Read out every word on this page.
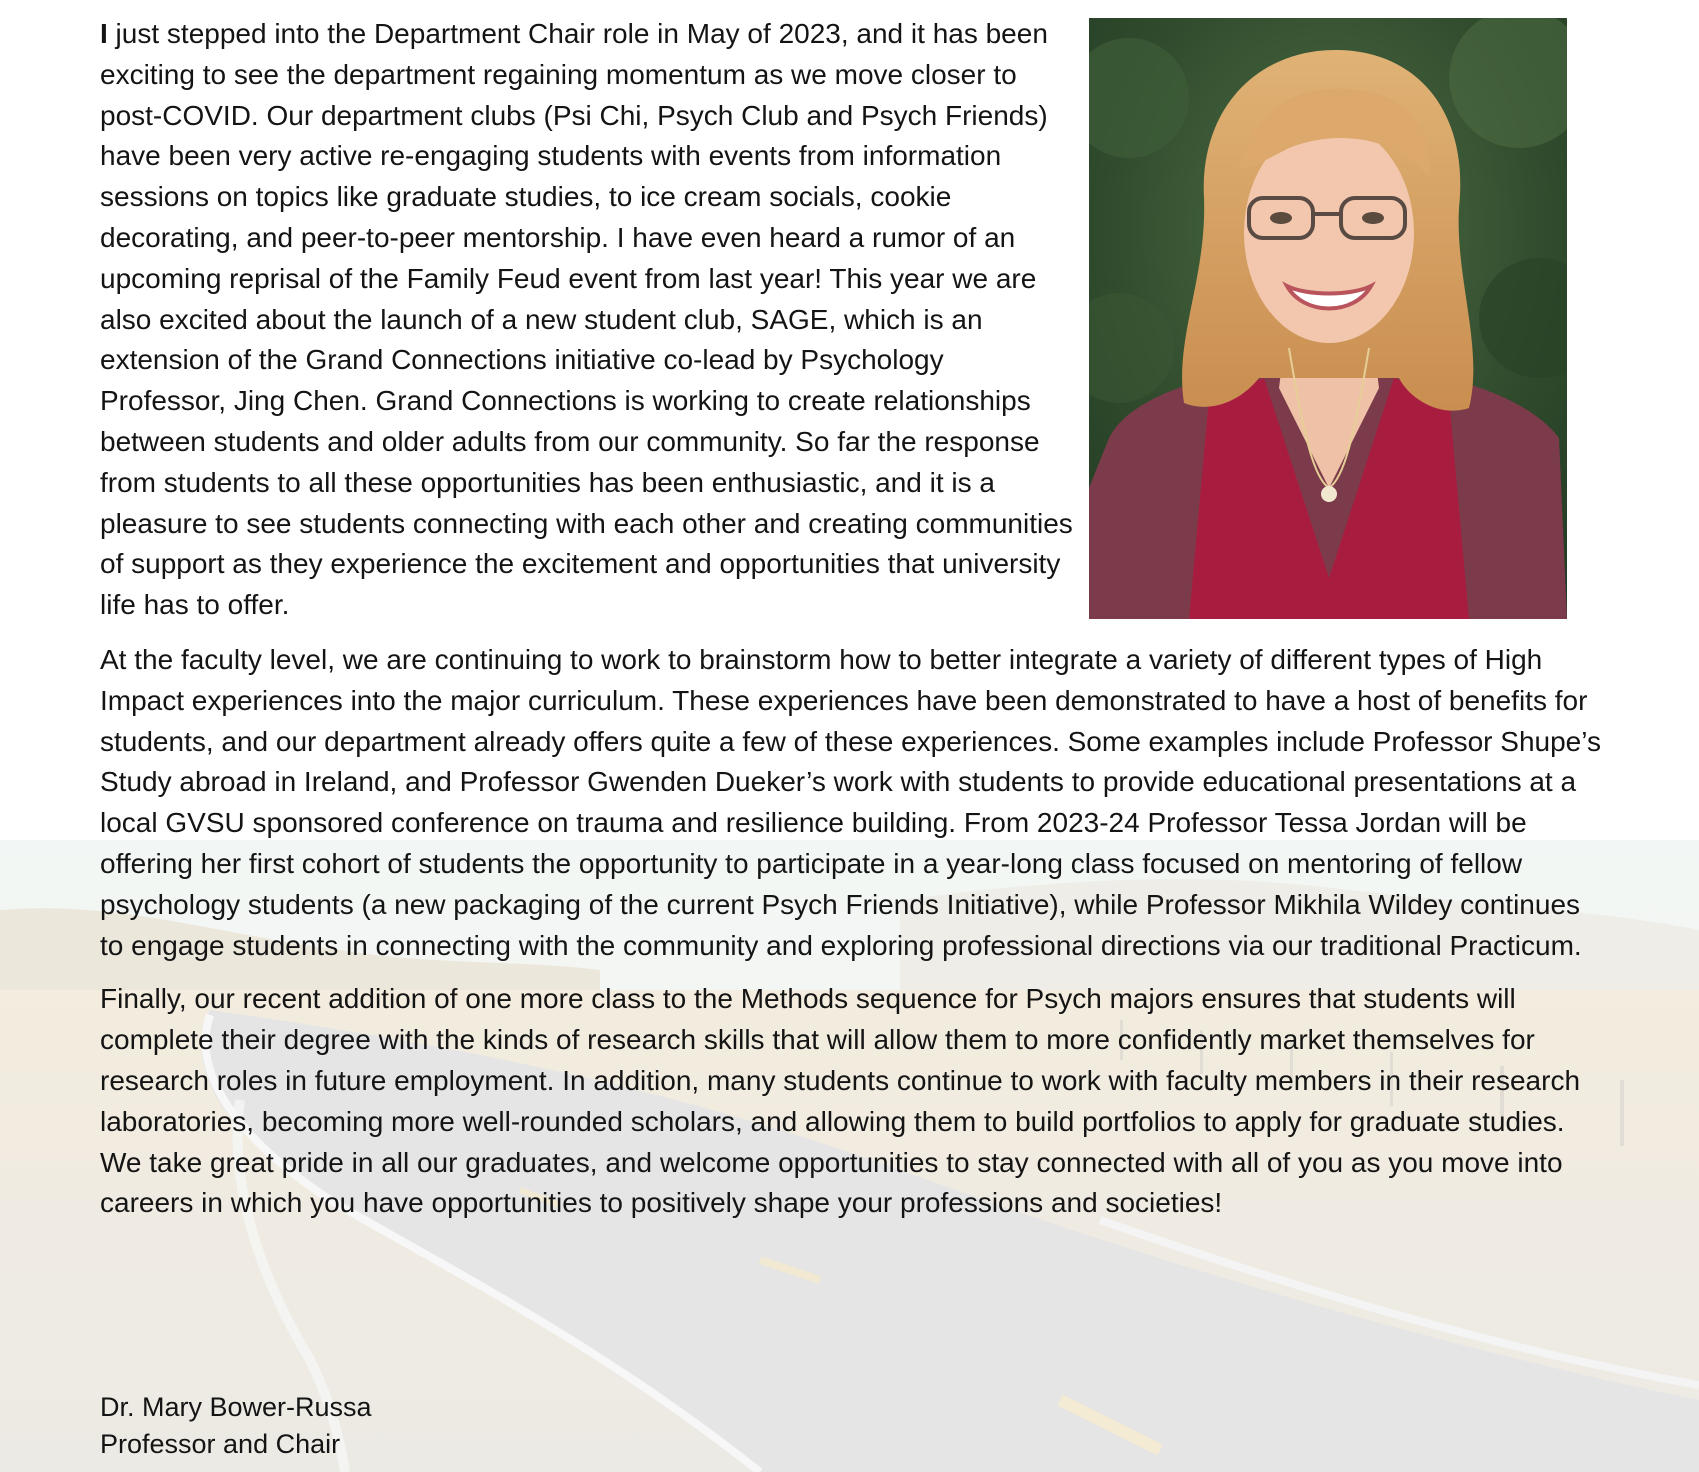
I just stepped into the Department Chair role in May of 2023, and it has been exciting to see the department regaining momentum as we move closer to post-COVID. Our department clubs (Psi Chi, Psych Club and Psych Friends) have been very active re-engaging students with events from information sessions on topics like graduate studies, to ice cream socials, cookie decorating, and peer-to-peer mentorship. I have even heard a rumor of an upcoming reprisal of the Family Feud event from last year! This year we are also excited about the launch of a new student club, SAGE, which is an extension of the Grand Connections initiative co-lead by Psychology Professor, Jing Chen. Grand Connections is working to create relationships between students and older adults from our community. So far the response from students to all these opportunities has been enthusiastic, and it is a pleasure to see students connecting with each other and creating communities of support as they experience the excitement and opportunities that university life has to offer.

At the faculty level, we are continuing to work to brainstorm how to better integrate a variety of different types of High Impact experiences into the major curriculum. These experiences have been demonstrated to have a host of benefits for students, and our department already offers quite a few of these experiences. Some examples include Professor Shupe’s Study abroad in Ireland, and Professor Gwenden Dueker’s work with students to provide educational presentations at a local GVSU sponsored conference on trauma and resilience building. From 2023-24 Professor Tessa Jordan will be offering her first cohort of students the opportunity to participate in a year-long class focused on mentoring of fellow psychology students (a new packaging of the current Psych Friends Initiative), while Professor Mikhila Wildey continues to engage students in connecting with the community and exploring professional directions via our traditional Practicum.

Finally, our recent addition of one more class to the Methods sequence for Psych majors ensures that students will complete their degree with the kinds of research skills that will allow them to more confidently market themselves for research roles in future employment. In addition, many students continue to work with faculty members in their research laboratories, becoming more well-rounded scholars, and allowing them to build portfolios to apply for graduate studies. We take great pride in all our graduates, and welcome opportunities to stay connected with all of you as you move into careers in which you have opportunities to positively shape your professions and societies!

Dr. Mary Bower-Russa
Professor and Chair
